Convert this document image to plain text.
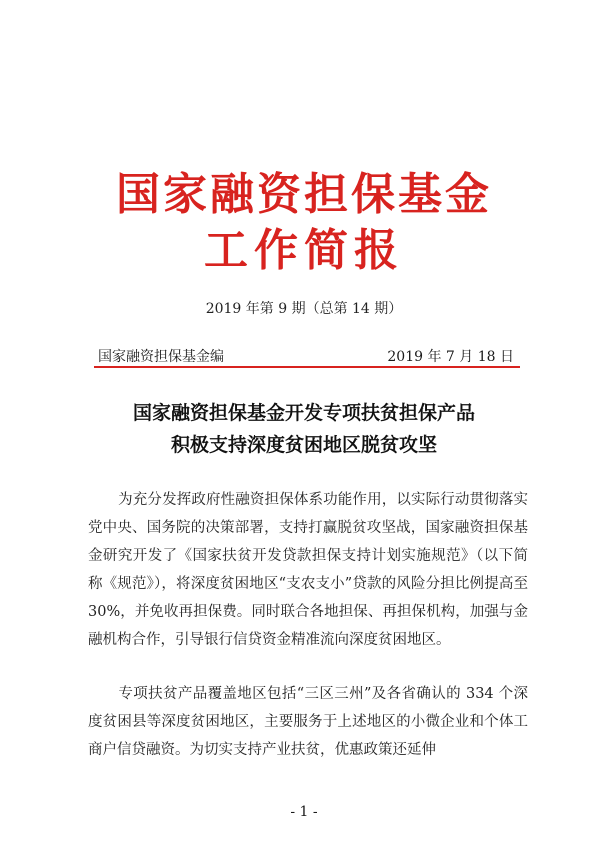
国家融资担保基金
工作简报
2019 年第 9 期（总第 14 期）
国家融资担保基金编	2019 年 7 月 18 日
国家融资担保基金开发专项扶贫担保产品
积极支持深度贫困地区脱贫攻坚
为充分发挥政府性融资担保体系功能作用，以实际行动贯彻落实党中央、国务院的决策部署，支持打赢脱贫攻坚战，国家融资担保基金研究开发了《国家扶贫开发贷款担保支持计划实施规范》（以下简称《规范》），将深度贫困地区“支农支小”贷款的风险分担比例提高至 30%，并免收再担保费。同时联合各地担保、再担保机构，加强与金融机构合作，引导银行信贷资金精准流向深度贫困地区。
专项扶贫产品覆盖地区包括“三区三州”及各省确认的 334 个深度贫困县等深度贫困地区，主要服务于上述地区的小微企业和个体工商户信贷融资。为切实支持产业扶贫，优惠政策还延伸
- 1 -
